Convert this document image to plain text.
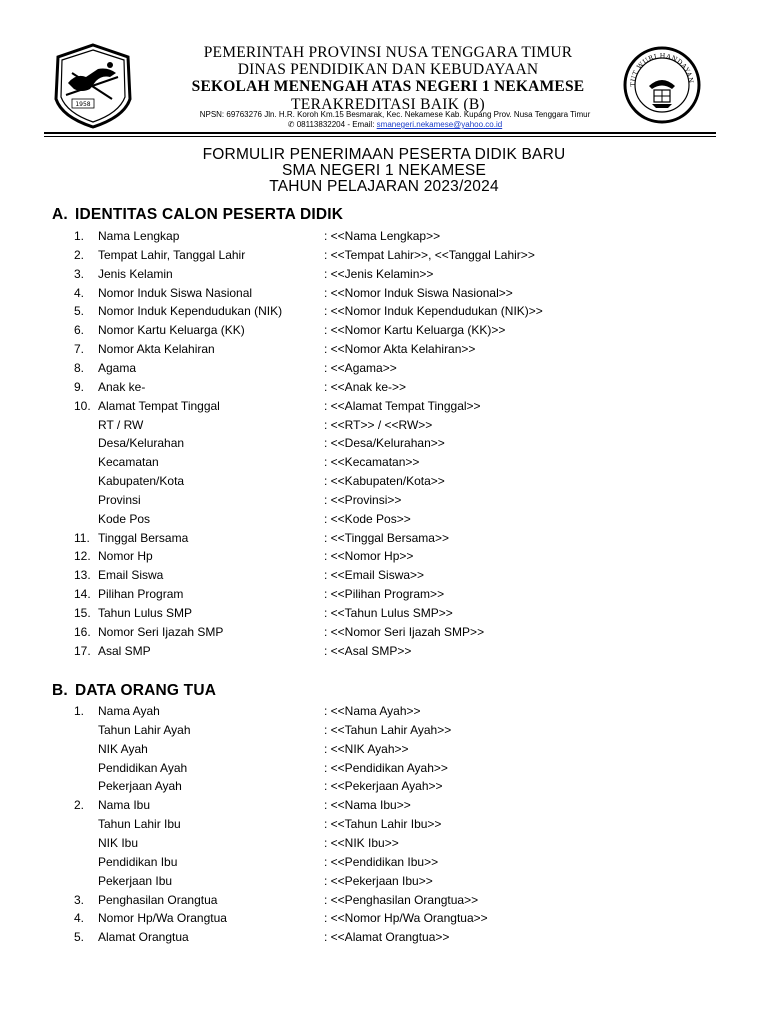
1958
PEMERINTAH PROVINSI NUSA TENGGARA TIMUR
DINAS PENDIDIKAN DAN KEBUDAYAAN
SEKOLAH MENENGAH ATAS NEGERI 1 NEKAMESE
TERAKREDITASI BAIK (B)
NPSN: 69763276 Jln. H.R. Koroh Km.15 Besmarak, Kec. Nekamese Kab. Kupang Prov. Nusa Tenggara Timur
✆ 08113832204 - Email: smanegeri.nekamese@yahoo.co.id
TUT WURI HANDAYAN
FORMULIR PENERIMAAN PESERTA DIDIK BARU
SMA NEGERI 1 NEKAMESE
TAHUN PELAJARAN 2023/2024
A. IDENTITAS CALON PESERTA DIDIK
1.	Nama Lengkap	: <<Nama Lengkap>>
2.	Tempat Lahir, Tanggal Lahir	: <<Tempat Lahir>>, <<Tanggal Lahir>>
3.	Jenis Kelamin	: <<Jenis Kelamin>>
4.	Nomor Induk Siswa Nasional	: <<Nomor Induk Siswa Nasional>>
5.	Nomor Induk Kependudukan (NIK)	: <<Nomor Induk Kependudukan (NIK)>>
6.	Nomor Kartu Keluarga (KK)	: <<Nomor Kartu Keluarga (KK)>>
7.	Nomor Akta Kelahiran	: <<Nomor Akta Kelahiran>>
8.	Agama	: <<Agama>>
9.	Anak ke-	: <<Anak ke->>
10. Alamat Tempat Tinggal	: <<Alamat Tempat Tinggal>>
RT / RW	: <<RT>> / <<RW>>
Desa/Kelurahan	: <<Desa/Kelurahan>>
Kecamatan	: <<Kecamatan>>
Kabupaten/Kota	: <<Kabupaten/Kota>>
Provinsi	: <<Provinsi>>
Kode Pos	: <<Kode Pos>>
11. Tinggal Bersama	: <<Tinggal Bersama>>
12. Nomor Hp	: <<Nomor Hp>>
13. Email Siswa	: <<Email Siswa>>
14. Pilihan Program	: <<Pilihan Program>>
15. Tahun Lulus SMP	: <<Tahun Lulus SMP>>
16. Nomor Seri Ijazah SMP	: <<Nomor Seri Ijazah SMP>>
17. Asal SMP	: <<Asal SMP>>
B. DATA ORANG TUA
1.	Nama Ayah	: <<Nama Ayah>>
Tahun Lahir Ayah	: <<Tahun Lahir Ayah>>
NIK Ayah	: <<NIK Ayah>>
Pendidikan Ayah	: <<Pendidikan Ayah>>
Pekerjaan Ayah	: <<Pekerjaan Ayah>>
2.	Nama Ibu	: <<Nama Ibu>>
Tahun Lahir Ibu	: <<Tahun Lahir Ibu>>
NIK Ibu	: <<NIK Ibu>>
Pendidikan Ibu	: <<Pendidikan Ibu>>
Pekerjaan Ibu	: <<Pekerjaan Ibu>>
3.	Penghasilan Orangtua	: <<Penghasilan Orangtua>>
4.	Nomor Hp/Wa Orangtua	: <<Nomor Hp/Wa Orangtua>>
5.	Alamat Orangtua	: <<Alamat Orangtua>>
